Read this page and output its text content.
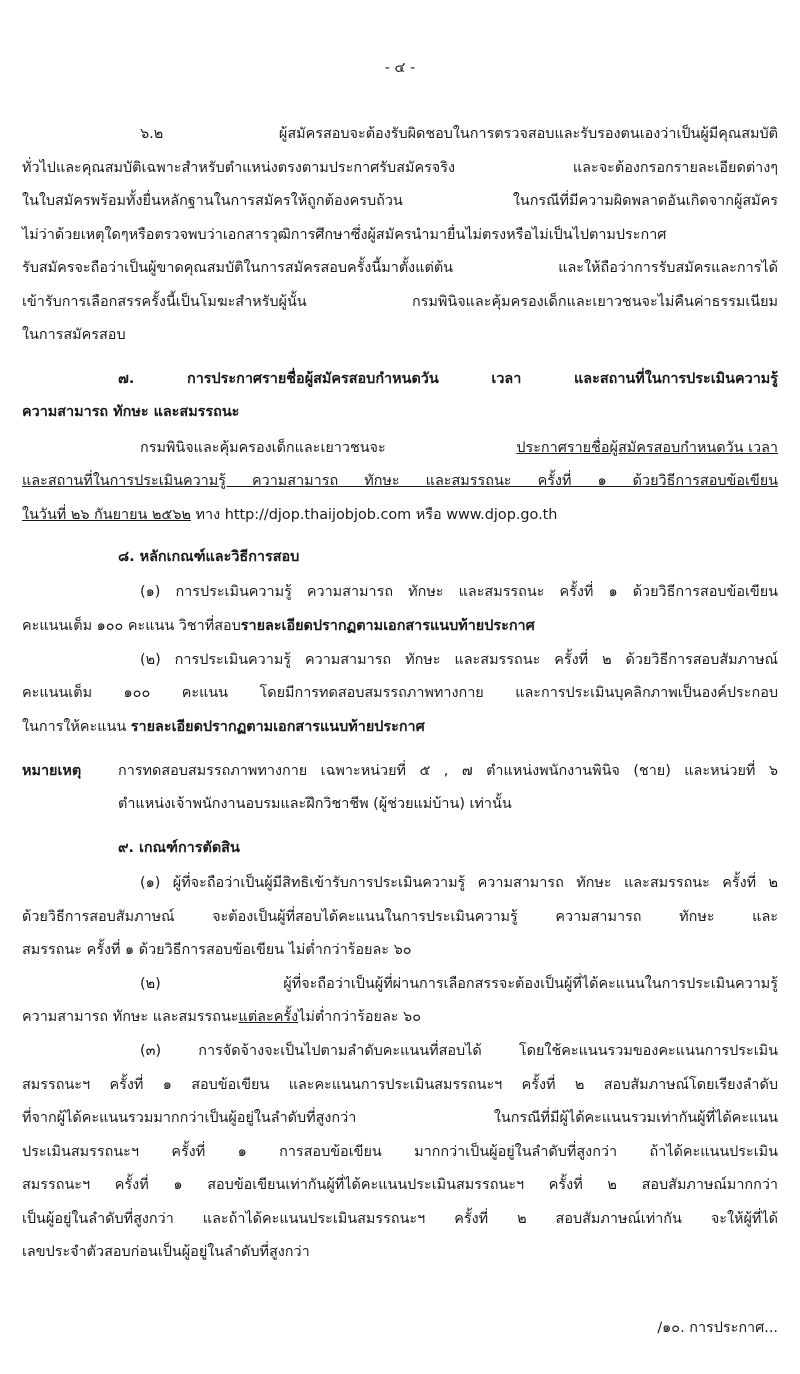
- ๔ -
๖.๒ ผู้สมัครสอบจะต้องรับผิดชอบในการตรวจสอบและรับรองตนเองว่าเป็นผู้มีคุณสมบัติ
ทั่วไปและคุณสมบัติเฉพาะสำหรับตำแหน่งตรงตามประกาศรับสมัครจริง และจะต้องกรอกรายละเอียดต่างๆ
ในใบสมัครพร้อมทั้งยื่นหลักฐานในการสมัครให้ถูกต้องครบถ้วน ในกรณีที่มีความผิดพลาดอันเกิดจากผู้สมัคร
ไม่ว่าด้วยเหตุใดๆหรือตรวจพบว่าเอกสารวุฒิการศึกษาซึ่งผู้สมัครนำมายื่นไม่ตรงหรือไม่เป็นไปตามประกาศ
รับสมัครจะถือว่าเป็นผู้ขาดคุณสมบัติในการสมัครสอบครั้งนี้มาตั้งแต่ต้น และให้ถือว่าการรับสมัครและการได้
เข้ารับการเลือกสรรครั้งนี้เป็นโมฆะสำหรับผู้นั้น กรมพินิจและคุ้มครองเด็กและเยาวชนจะไม่คืนค่าธรรมเนียม
ในการสมัครสอบ
๗. การประกาศรายชื่อผู้สมัครสอบกำหนดวัน เวลา และสถานที่ในการประเมินความรู้
ความสามารถ ทักษะ และสมรรถนะ
กรมพินิจและคุ้มครองเด็กและเยาวชนจะ	ประกาศรายชื่อผู้สมัครสอบกำหนดวัน เวลา
และสถานที่ในการประเมินความรู้ ความสามารถ ทักษะ และสมรรถนะ ครั้งที่ ๑ ด้วยวิธีการสอบข้อเขียน
ในวันที่ ๒๖ กันยายน ๒๕๖๒ ทาง http://djop.thaijobjob.com หรือ www.djop.go.th
๘. หลักเกณฑ์และวิธีการสอบ
(๑) การประเมินความรู้ ความสามารถ ทักษะ และสมรรถนะ ครั้งที่ ๑ ด้วยวิธีการสอบข้อเขียน
คะแนนเต็ม ๑๐๐ คะแนน วิชาที่สอบรายละเอียดปรากฏตามเอกสารแนบท้ายประกาศ
(๒) การประเมินความรู้ ความสามารถ ทักษะ และสมรรถนะ ครั้งที่ ๒ ด้วยวิธีการสอบสัมภาษณ์
คะแนนเต็ม ๑๐๐ คะแนน โดยมีการทดสอบสมรรถภาพทางกาย และการประเมินบุคลิกภาพเป็นองค์ประกอบ
ในการให้คะแนน รายละเอียดปรากฏตามเอกสารแนบท้ายประกาศ
หมายเหตุ	การทดสอบสมรรถภาพทางกาย เฉพาะหน่วยที่ ๕ , ๗ ตำแหน่งพนักงานพินิจ (ชาย) และหน่วยที่ ๖
ตำแหน่งเจ้าพนักงานอบรมและฝึกวิชาชีพ (ผู้ช่วยแม่บ้าน) เท่านั้น
๙. เกณฑ์การตัดสิน
(๑) ผู้ที่จะถือว่าเป็นผู้มีสิทธิเข้ารับการประเมินความรู้ ความสามารถ ทักษะ และสมรรถนะ ครั้งที่ ๒
ด้วยวิธีการสอบสัมภาษณ์ จะต้องเป็นผู้ที่สอบได้คะแนนในการประเมินความรู้ ความสามารถ ทักษะ และ
สมรรถนะ ครั้งที่ ๑ ด้วยวิธีการสอบข้อเขียน ไม่ต่ำกว่าร้อยละ ๖๐
(๒) ผู้ที่จะถือว่าเป็นผู้ที่ผ่านการเลือกสรรจะต้องเป็นผู้ที่ได้คะแนนในการประเมินความรู้
ความสามารถ ทักษะ และสมรรถนะแต่ละครั้งไม่ต่ำกว่าร้อยละ ๖๐
(๓) การจัดจ้างจะเป็นไปตามลำดับคะแนนที่สอบได้ โดยใช้คะแนนรวมของคะแนนการประเมิน
สมรรถนะฯ ครั้งที่ ๑ สอบข้อเขียน และคะแนนการประเมินสมรรถนะฯ ครั้งที่ ๒ สอบสัมภาษณ์โดยเรียงลำดับ
ที่จากผู้ได้คะแนนรวมมากกว่าเป็นผู้อยู่ในลำดับที่สูงกว่า ในกรณีที่มีผู้ได้คะแนนรวมเท่ากันผู้ที่ได้คะแนน
ประเมินสมรรถนะฯ ครั้งที่ ๑ การสอบข้อเขียน มากกว่าเป็นผู้อยู่ในลำดับที่สูงกว่า ถ้าได้คะแนนประเมิน
สมรรถนะฯ ครั้งที่ ๑ สอบข้อเขียนเท่ากันผู้ที่ได้คะแนนประเมินสมรรถนะฯ ครั้งที่ ๒ สอบสัมภาษณ์มากกว่า
เป็นผู้อยู่ในลำดับที่สูงกว่า และถ้าได้คะแนนประเมินสมรรถนะฯ ครั้งที่ ๒ สอบสัมภาษณ์เท่ากัน จะให้ผู้ที่ได้
เลขประจำตัวสอบก่อนเป็นผู้อยู่ในลำดับที่สูงกว่า
/๑๐. การประกาศ...
